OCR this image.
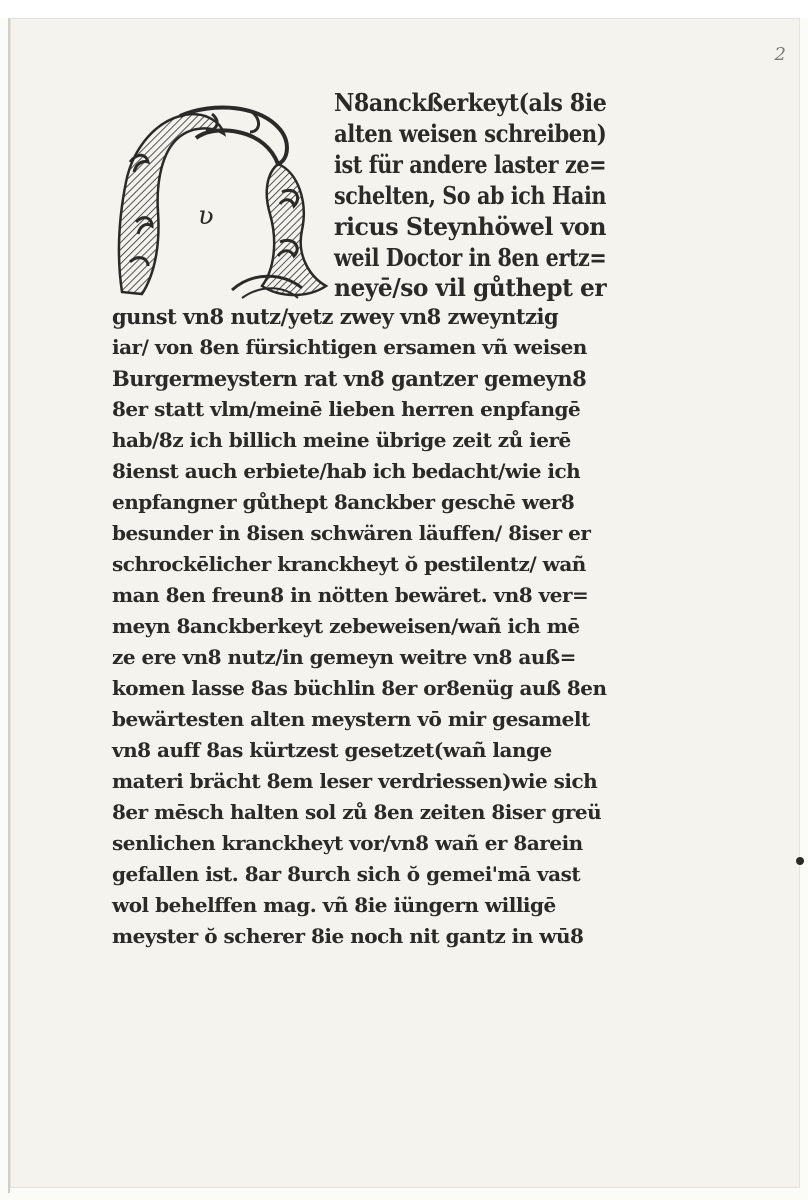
2
ʋ
N8anckßerkeyt(als 8ie
alten weisen schreiben)
ist für andere laster ze=
schelten, So ab ich Hain
ricus Steynhöwel von
weil Doctor in 8en ertz=
neyē/so vil gůthept er
gunst vn8 nutz/yetz zwey vn8 zweyntzig
iar/ von 8en fürsichtigen ersamen vñ weisen
Burgermeystern rat vn8 gantzer gemeyn8
8er statt vlm/meinē lieben herren enpfangē
hab/8z ich billich meine übrige zeit zů ierē
8ienst auch erbiete/hab ich bedacht/wie ich
enpfangner gůthept 8anckber geschē wer8
besunder in 8isen schwären läuffen/ 8iser er
schrockēlicher kranckheyt ŏ pestilentz/ wañ
man 8en freun8 in nötten bewäret. vn8 ver=
meyn 8anckberkeyt zebeweisen/wañ ich mē
ze ere vn8 nutz/in gemeyn weitre vn8 auß=
komen lasse 8as büchlin 8er or8enüg auß 8en
bewärtesten alten meystern vō mir gesamelt
vn8 auff 8as kürtzest gesetzet(wañ lange
materi brächt 8em leser verdriessen)wie sich
8er mēsch halten sol zů 8en zeiten 8iser greü
senlichen kranckheyt vor/vn8 wañ er 8arein
gefallen ist. 8ar 8urch sich ŏ gemei'mā vast
wol behelffen mag. vñ 8ie iüngern willigē
meyster ŏ scherer 8ie noch nit gantz in wū8
